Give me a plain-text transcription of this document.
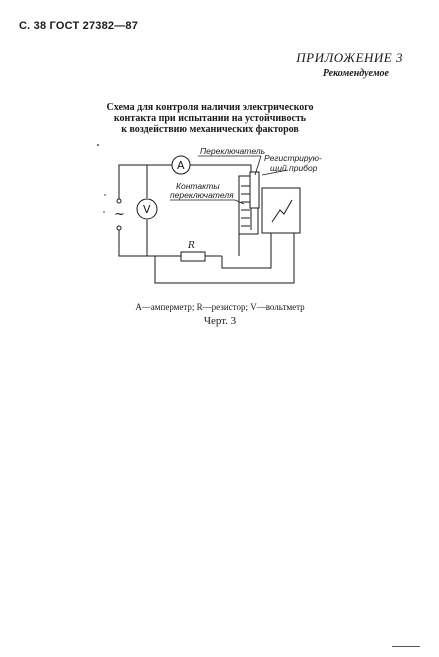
С. 38 ГОСТ 27382—87
ПРИЛОЖЕНИЕ 3
Рекомендуемое
Схема для контроля наличия электрического
контакта при испытании на устойчивость
к воздействию механических факторов
~
A
V
R
Переключатель
Контакты
переключателя
Регистрирую-
щий прибор
A—амперметр; R—резистор; V—вольтметр
Черт. 3
